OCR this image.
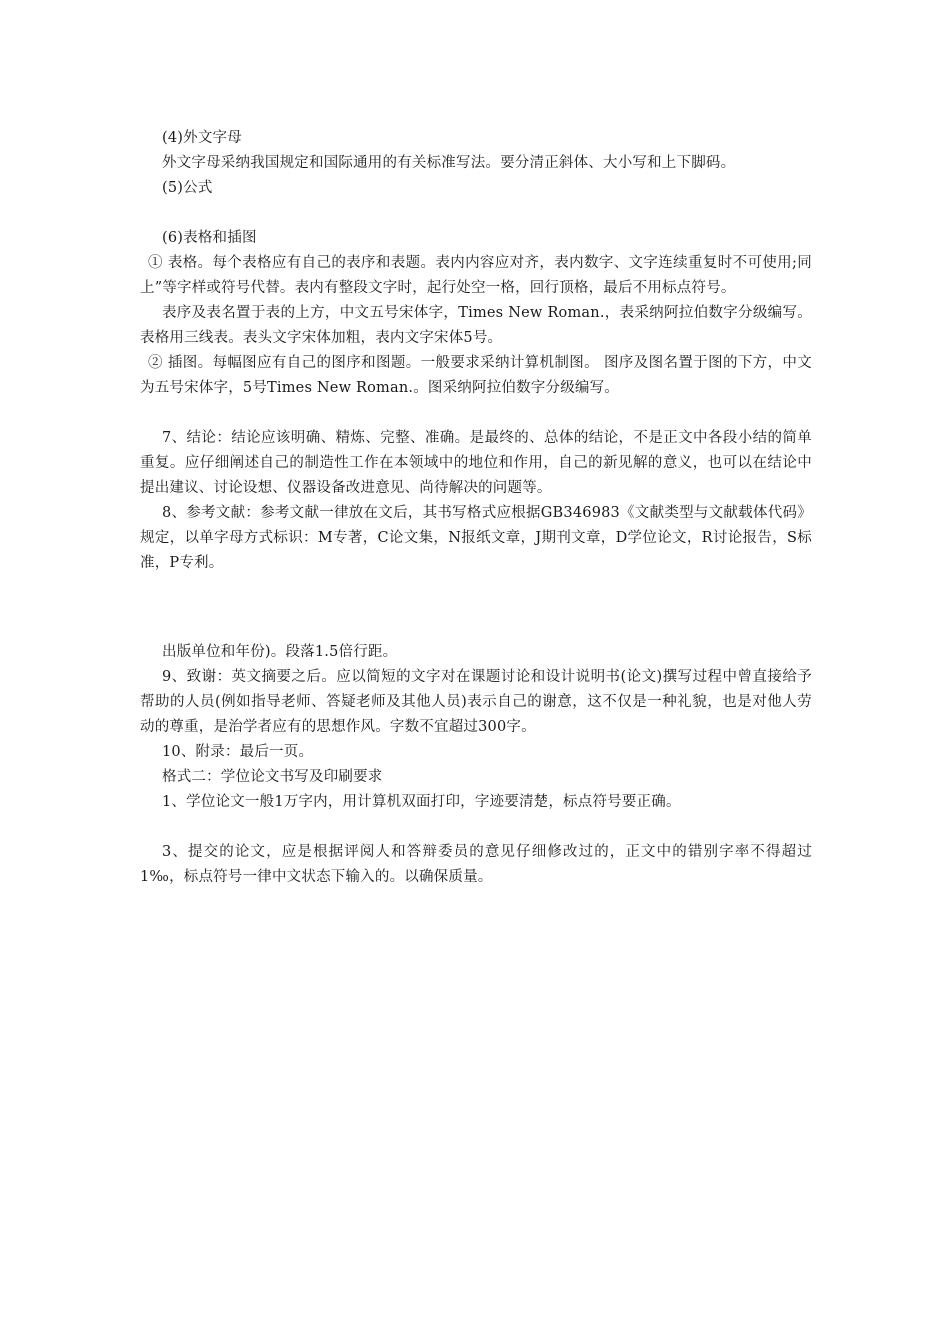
(4)外文字母

外文字母采纳我国规定和国际通用的有关标准写法。要分清正斜体、大小写和上下脚码。

(5)公式

(6)表格和插图

① 表格。每个表格应有自己的表序和表题。表内内容应对齐，表内数字、文字连续重复时不可使用;同上”等字样或符号代替。表内有整段文字时，起行处空一格，回行顶格，最后不用标点符号。

表序及表名置于表的上方，中文五号宋体字，Times New Roman.，表采纳阿拉伯数字分级编写。表格用三线表。表头文字宋体加粗，表内文字宋体5号。

② 插图。每幅图应有自己的图序和图题。一般要求采纳计算机制图。 图序及图名置于图的下方，中文为五号宋体字，5号Times New Roman.。图采纳阿拉伯数字分级编写。

7、结论：结论应该明确、精炼、完整、准确。是最终的、总体的结论，不是正文中各段小结的简单重复。应仔细阐述自己的制造性工作在本领域中的地位和作用，自己的新见解的意义，也可以在结论中提出建议、讨论设想、仪器设备改进意见、尚待解决的问题等。

8、参考文献：参考文献一律放在文后，其书写格式应根据GB346983《文献类型与文献载体代码》规定，以单字母方式标识：M专著，C论文集，N报纸文章，J期刊文章，D学位论文，R讨论报告，S标准，P专利。

出版单位和年份)。段落1.5倍行距。

9、致谢：英文摘要之后。应以简短的文字对在课题讨论和设计说明书(论文)撰写过程中曾直接给予帮助的人员(例如指导老师、答疑老师及其他人员)表示自己的谢意，这不仅是一种礼貌，也是对他人劳动的尊重，是治学者应有的思想作风。字数不宜超过300字。

10、附录：最后一页。

格式二：学位论文书写及印刷要求

1、学位论文一般1万字内，用计算机双面打印，字迹要清楚，标点符号要正确。

3、提交的论文，应是根据评阅人和答辩委员的意见仔细修改过的，正文中的错别字率不得超过1‰，标点符号一律中文状态下输入的。以确保质量。
